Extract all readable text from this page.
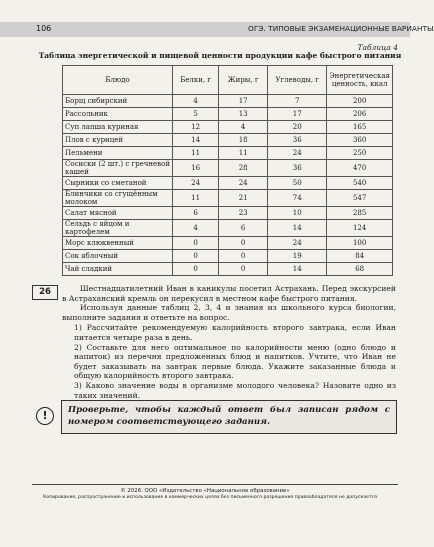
106	ОГЭ. ТИПОВЫЕ ЭКЗАМЕНАЦИОННЫЕ ВАРИАНТЫ
Таблица 4
Таблица энергетической и пищевой ценности продукции кафе быстрого питания
Блюдо	Белки, г	Жиры, г	Углеводы, г	Энергетическая ценность, ккал
Борщ сибирский	4	17	7	200
Рассольник	5	13	17	206
Суп лапша куриная	12	4	20	165
Плов с курицей	14	18	36	360
Пельмени	11	11	24	250
Сосиски (2 шт.) с гречневой кашей	16	28	36	470
Сырники со сметаной	24	24	50	540
Блинчики со сгущённым молоком	11	21	74	547
Салат мясной	6	23	10	285
Сельдь с яйцом и картофелем	4	6	14	124
Морс клюквенный	0	0	24	100
Сок яблочный	0	0	19	84
Чай сладкий	0	0	14	68
26	Шестнадцатилетний Иван в каникулы посетил Астрахань. Перед экскурсией в Астраханский кремль он перекусил в местном кафе быстрого питания.

Используя данные таблиц 2, 3, 4 и знания из школьного курса биологии, выполните задания и ответьте на вопрос.

1) Рассчитайте рекомендуемую калорийность второго завтрака, если Иван питается четыре раза в день.
2) Составьте для него оптимальное по калорийности меню (одно блюдо и напиток) из перечня предложенных блюд и напитков. Учтите, что Иван не будет заказывать на завтрак первые блюда. Укажите заказанные блюда и общую калорийность второго завтрака.
3) Каково значение воды в организме молодого человека? Назовите одно из таких значений.
!	Проверьте, чтобы каждый ответ был записан рядом с номером соответствующего задания.
© 2026. ООО «Издательство «Национальное образование»
Копирование, распространение и использование в коммерческих целях без письменного разрешения правообладателя не допускается
